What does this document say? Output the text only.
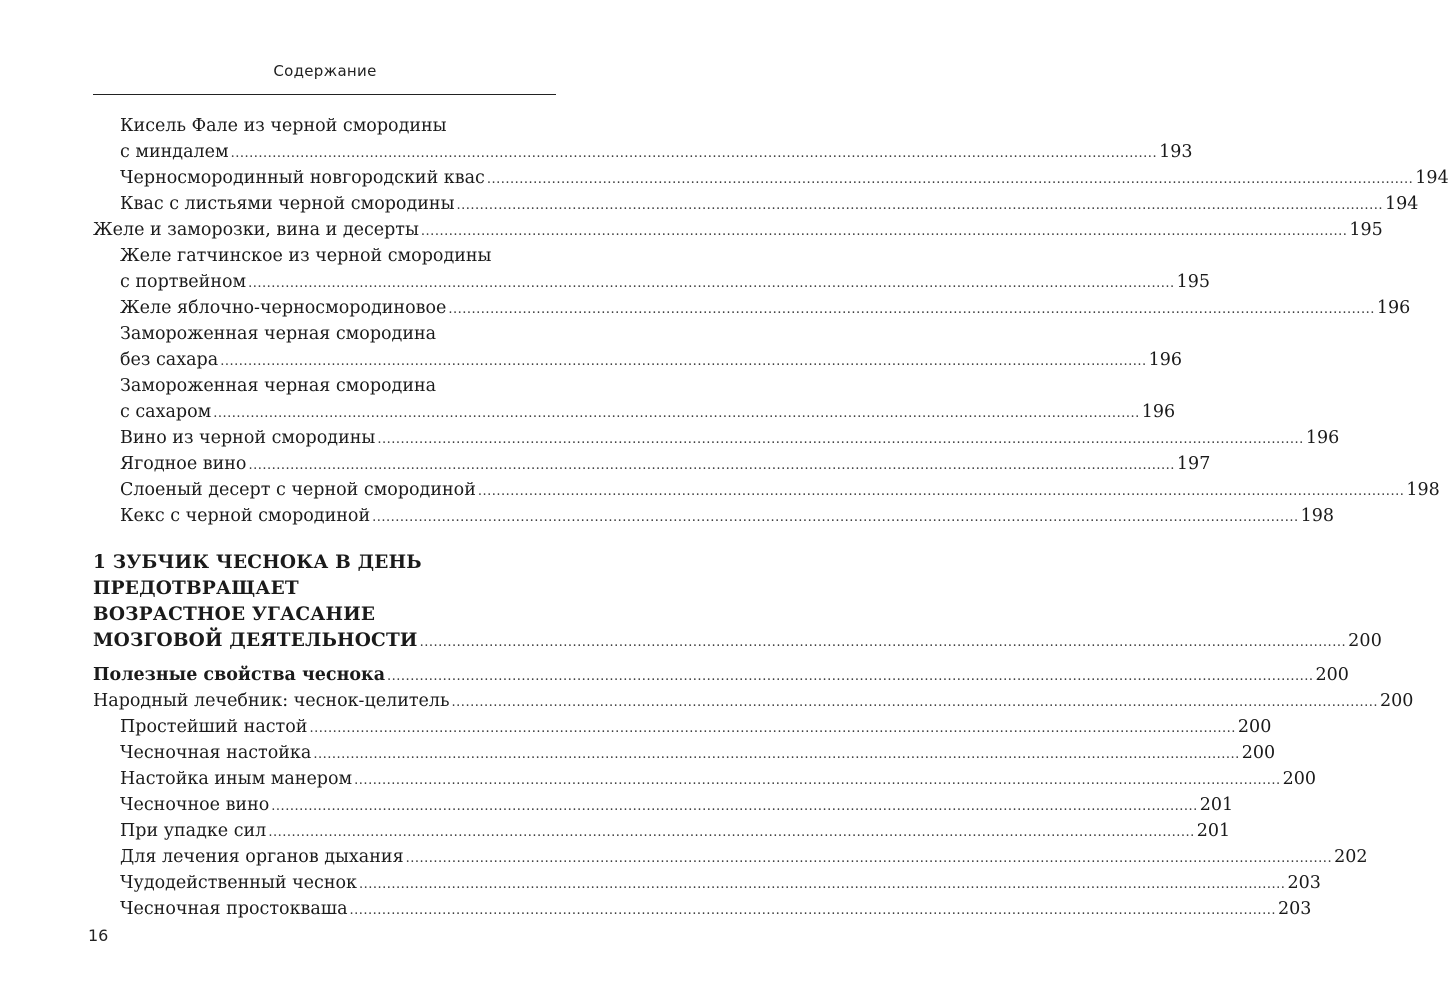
Содержание
Кисель Фале из черной смородины
с миндалем ........................................................................................................................................................................................................ 193
Черносмородинный новгородский квас ........................................................................................................................................................................................................ 194
Квас с листьями черной смородины ........................................................................................................................................................................................................ 194
Желе и заморозки, вина и десерты ........................................................................................................................................................................................................ 195
Желе гатчинское из черной смородины
с портвейном ........................................................................................................................................................................................................ 195
Желе яблочно-черносмородиновое ........................................................................................................................................................................................................ 196
Замороженная черная смородина
без сахара ........................................................................................................................................................................................................ 196
Замороженная черная смородина
с сахаром ........................................................................................................................................................................................................ 196
Вино из черной смородины ........................................................................................................................................................................................................ 196
Ягодное вино ........................................................................................................................................................................................................ 197
Слоеный десерт с черной смородиной ........................................................................................................................................................................................................ 198
Кекс с черной смородиной ........................................................................................................................................................................................................ 198
1 ЗУБЧИК ЧЕСНОКА В ДЕНЬ
ПРЕДОТВРАЩАЕТ
ВОЗРАСТНОЕ УГАСАНИЕ
МОЗГОВОЙ ДЕЯТЕЛЬНОСТИ ........................................................................................................................................................................................................ 200
Полезные свойства чеснока ........................................................................................................................................................................................................ 200
Народный лечебник: чеснок-целитель ........................................................................................................................................................................................................ 200
Простейший настой ........................................................................................................................................................................................................ 200
Чесночная настойка ........................................................................................................................................................................................................ 200
Настойка иным манером ........................................................................................................................................................................................................ 200
Чесночное вино ........................................................................................................................................................................................................ 201
При упадке сил ........................................................................................................................................................................................................ 201
Для лечения органов дыхания ........................................................................................................................................................................................................ 202
Чудодейственный чеснок ........................................................................................................................................................................................................ 203
Чесночная простокваша ........................................................................................................................................................................................................ 203
16
